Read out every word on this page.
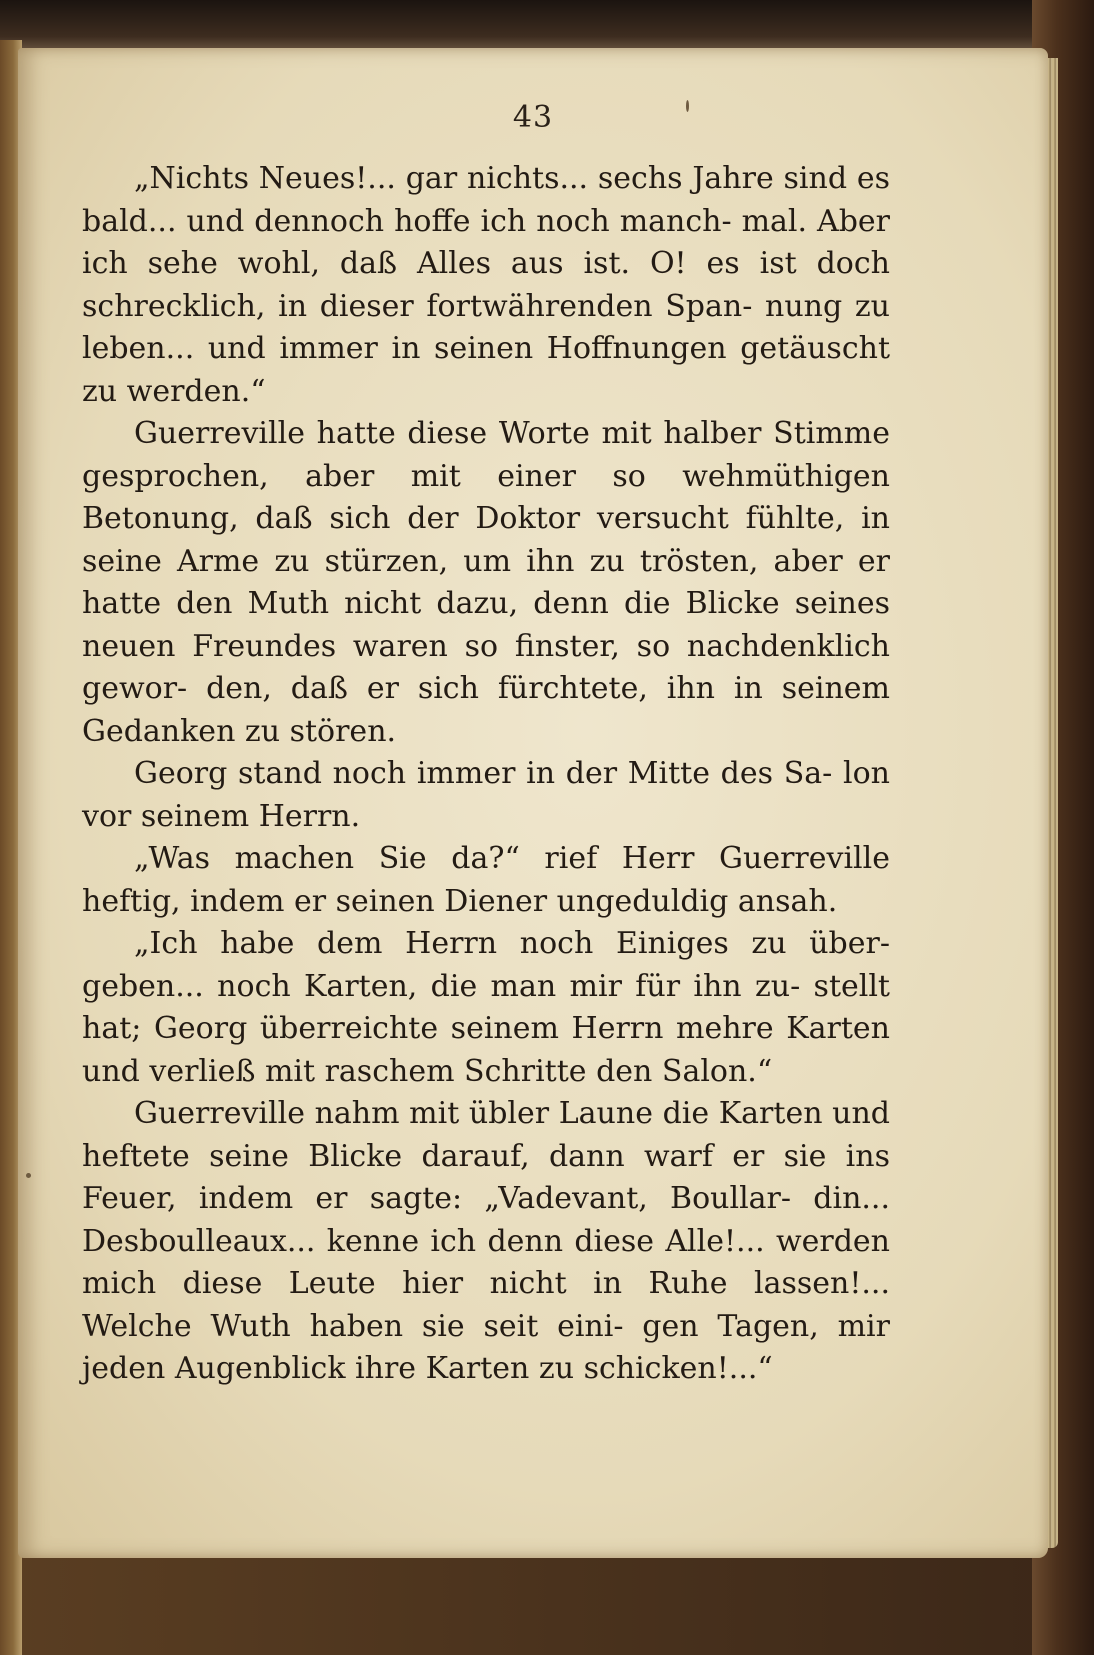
43

„Nichts Neues!... gar nichts... sechs Jahre sind es bald... und dennoch hoffe ich noch manch- mal. Aber ich sehe wohl, daß Alles aus ist. O! es ist doch schrecklich, in dieser fortwährenden Span- nung zu leben... und immer in seinen Hoffnungen getäuscht zu werden.“

Guerreville hatte diese Worte mit halber Stimme gesprochen, aber mit einer so wehmüthigen Betonung, daß sich der Doktor versucht fühlte, in seine Arme zu stürzen, um ihn zu trösten, aber er hatte den Muth nicht dazu, denn die Blicke seines neuen Freundes waren so finster, so nachdenklich gewor- den, daß er sich fürchtete, ihn in seinem Gedanken zu stören.

Georg stand noch immer in der Mitte des Sa- lon vor seinem Herrn.

„Was machen Sie da?“ rief Herr Guerreville heftig, indem er seinen Diener ungeduldig ansah.

„Ich habe dem Herrn noch Einiges zu über- geben... noch Karten, die man mir für ihn zu- stellt hat; Georg überreichte seinem Herrn mehre Karten und verließ mit raschem Schritte den Salon.“

Guerreville nahm mit übler Laune die Karten und heftete seine Blicke darauf, dann warf er sie ins Feuer, indem er sagte: „Vadevant, Boullar- din... Desboulleaux... kenne ich denn diese Alle!... werden mich diese Leute hier nicht in Ruhe lassen!... Welche Wuth haben sie seit eini- gen Tagen, mir jeden Augenblick ihre Karten zu schicken!...“
